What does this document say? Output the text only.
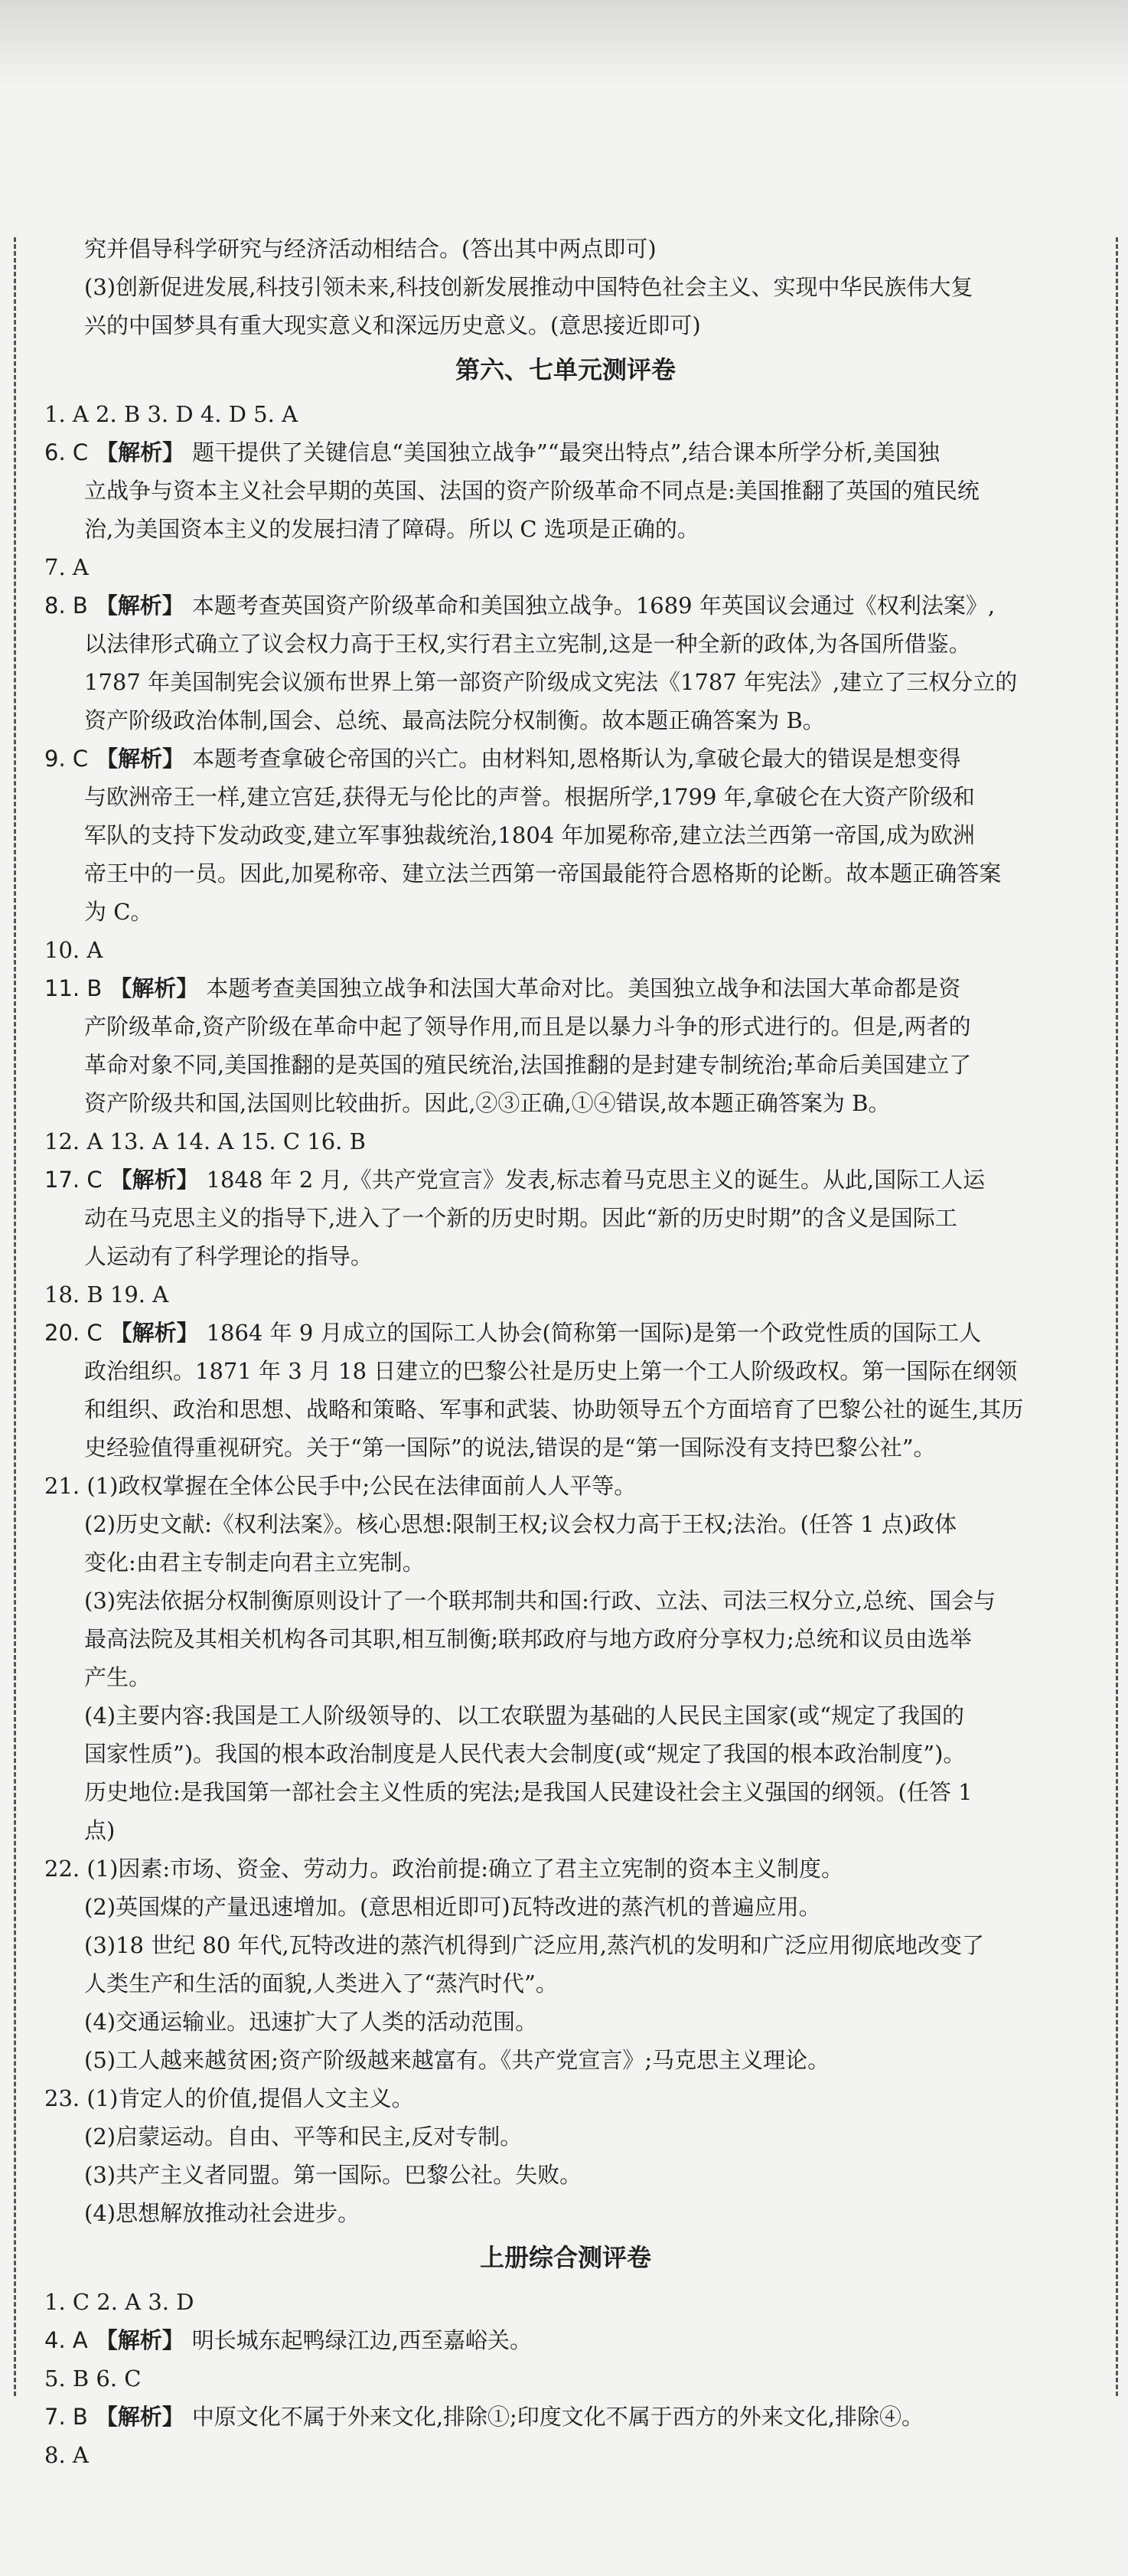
究并倡导科学研究与经济活动相结合。(答出其中两点即可)
(3)创新促进发展,科技引领未来,科技创新发展推动中国特色社会主义、实现中华民族伟大复
兴的中国梦具有重大现实意义和深远历史意义。(意思接近即可)
第六、七单元测评卷
1. A 2. B 3. D 4. D 5. A
6. C 【解析】 题干提供了关键信息“美国独立战争”“最突出特点”,结合课本所学分析,美国独
立战争与资本主义社会早期的英国、法国的资产阶级革命不同点是:美国推翻了英国的殖民统
治,为美国资本主义的发展扫清了障碍。所以 C 选项是正确的。
7. A
8. B 【解析】 本题考查英国资产阶级革命和美国独立战争。1689 年英国议会通过《权利法案》,
以法律形式确立了议会权力高于王权,实行君主立宪制,这是一种全新的政体,为各国所借鉴。
1787 年美国制宪会议颁布世界上第一部资产阶级成文宪法《1787 年宪法》,建立了三权分立的
资产阶级政治体制,国会、总统、最高法院分权制衡。故本题正确答案为 B。
9. C 【解析】 本题考查拿破仑帝国的兴亡。由材料知,恩格斯认为,拿破仑最大的错误是想变得
与欧洲帝王一样,建立宫廷,获得无与伦比的声誉。根据所学,1799 年,拿破仑在大资产阶级和
军队的支持下发动政变,建立军事独裁统治,1804 年加冕称帝,建立法兰西第一帝国,成为欧洲
帝王中的一员。因此,加冕称帝、建立法兰西第一帝国最能符合恩格斯的论断。故本题正确答案
为 C。
10. A
11. B 【解析】 本题考查美国独立战争和法国大革命对比。美国独立战争和法国大革命都是资
产阶级革命,资产阶级在革命中起了领导作用,而且是以暴力斗争的形式进行的。但是,两者的
革命对象不同,美国推翻的是英国的殖民统治,法国推翻的是封建专制统治;革命后美国建立了
资产阶级共和国,法国则比较曲折。因此,②③正确,①④错误,故本题正确答案为 B。
12. A 13. A 14. A 15. C 16. B
17. C 【解析】 1848 年 2 月,《共产党宣言》发表,标志着马克思主义的诞生。从此,国际工人运
动在马克思主义的指导下,进入了一个新的历史时期。因此“新的历史时期”的含义是国际工
人运动有了科学理论的指导。
18. B 19. A
20. C 【解析】 1864 年 9 月成立的国际工人协会(简称第一国际)是第一个政党性质的国际工人
政治组织。1871 年 3 月 18 日建立的巴黎公社是历史上第一个工人阶级政权。第一国际在纲领
和组织、政治和思想、战略和策略、军事和武装、协助领导五个方面培育了巴黎公社的诞生,其历
史经验值得重视研究。关于“第一国际”的说法,错误的是“第一国际没有支持巴黎公社”。
21. (1)政权掌握在全体公民手中;公民在法律面前人人平等。
(2)历史文献:《权利法案》。核心思想:限制王权;议会权力高于王权;法治。(任答 1 点)政体
变化:由君主专制走向君主立宪制。
(3)宪法依据分权制衡原则设计了一个联邦制共和国:行政、立法、司法三权分立,总统、国会与
最高法院及其相关机构各司其职,相互制衡;联邦政府与地方政府分享权力;总统和议员由选举
产生。
(4)主要内容:我国是工人阶级领导的、以工农联盟为基础的人民民主国家(或“规定了我国的
国家性质”)。我国的根本政治制度是人民代表大会制度(或“规定了我国的根本政治制度”)。
历史地位:是我国第一部社会主义性质的宪法;是我国人民建设社会主义强国的纲领。(任答 1
点)
22. (1)因素:市场、资金、劳动力。政治前提:确立了君主立宪制的资本主义制度。
(2)英国煤的产量迅速增加。(意思相近即可)瓦特改进的蒸汽机的普遍应用。
(3)18 世纪 80 年代,瓦特改进的蒸汽机得到广泛应用,蒸汽机的发明和广泛应用彻底地改变了
人类生产和生活的面貌,人类进入了“蒸汽时代”。
(4)交通运输业。迅速扩大了人类的活动范围。
(5)工人越来越贫困;资产阶级越来越富有。《共产党宣言》;马克思主义理论。
23. (1)肯定人的价值,提倡人文主义。
(2)启蒙运动。自由、平等和民主,反对专制。
(3)共产主义者同盟。第一国际。巴黎公社。失败。
(4)思想解放推动社会进步。
上册综合测评卷
1. C 2. A 3. D
4. A 【解析】 明长城东起鸭绿江边,西至嘉峪关。
5. B 6. C
7. B 【解析】 中原文化不属于外来文化,排除①;印度文化不属于西方的外来文化,排除④。
8. A
